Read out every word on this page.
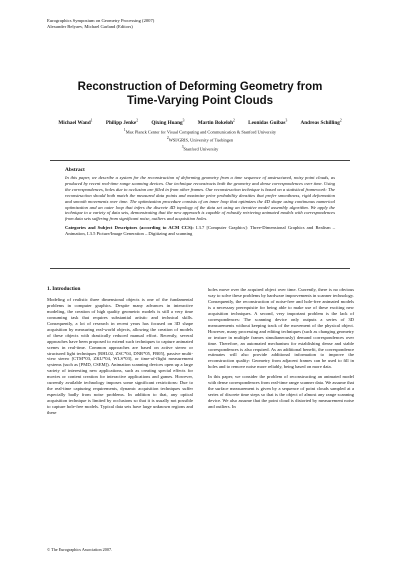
Eurographics Symposium on Geometry Processing (2007)
Alexander Belyaev, Michael Garland (Editors)
Reconstruction of Deforming Geometry from
Time-Varying Point Clouds
Michael Wand$^1$	Philipp Jenke$^2$	Qixing Huang$^3$	Martin Bokeloh$^2$	Leonidas Guibas$^3$	Andreas Schilling$^2$
$^1$Max Planck Center for Visual Computing and Communication & Stanford University
$^2$WSI/GRIS, University of Tuebingen
$^3$Stanford University
Abstract
In this paper, we describe a system for the reconstruction of deforming geometry from a time sequence of unstructured, noisy point clouds, as produced by recent real-time range scanning devices. Our technique reconstructs both the geometry and dense correspondences over time. Using the correspondences, holes due to occlusion are filled in from other frames. Our reconstruction technique is based on a statistical framework: The reconstruction should both match the measured data points and maximize prior probability densities that prefer smoothness, rigid deformation and smooth movements over time. The optimization procedure consists of an inner loop that optimizes the 4D shape using continuous numerical optimization and an outer loop that infers the discrete 4D topology of the data set using an iterative model assembly algorithm. We apply the technique to a variety of data sets, demonstrating that the new approach is capable of robustly retrieving animated models with correspondences from data sets suffering from significant noise, outliers and acquisition holes.
Categories and Subject Descriptors (according to ACM CCS): I.3.7 [Computer Graphics]: Three-Dimensional Graphics and Realism – Animation, I.3.5 Picture/Image Generation – Digitizing and scanning
1. Introduction

Modeling of realistic three dimensional objects is one of the fundamental problems in computer graphics. Despite many advances in interactive modeling, the creation of high quality geometric models is still a very time consuming task that requires substantial artistic and technical skills. Consequently, a lot of research in recent years has focused on 3D shape acquisition by measuring real-world objects, allowing the creation of models of these objects with drastically reduced manual effort. Recently, several approaches have been proposed to extend such techniques to capture animated scenes in real-time. Common approaches are based on active stereo or structured light techniques [RHL02, ZSC*04, DNR*05, FB05], passive multi-view stereo [CTM*03, ZKU*04, WLS*03], or time-of-flight measurement systems (such as [PMD, CSEM]). Animation scanning devices open up a large variety of interesting new applications, such as creating special effects for movies or content creation for interactive applications and games. However, currently available technology imposes some significant restrictions: Due to the real-time capturing requirements, dynamic acquisition techniques suffer especially badly from noise problems. In addition to that, any optical acquisition technique is limited by occlusions so that it is usually not possible to capture hole-free models. Typical data sets have large unknown regions and these

holes move over the acquired object over time. Currently, there is no obvious way to solve these problems by hardware improvements in scanner technology. Consequently, the reconstruction of noise-free and hole-free animated models is a necessary prerequisite for being able to make use of these exciting new acquisition techniques. A second, very important problem is the lack of correspondences: The scanning device only outputs a series of 3D measurements without keeping track of the movement of the physical object. However, many processing and editing techniques (such as changing geometry or texture in multiple frames simultaneously) demand correspondences over time. Therefore, an automated mechanism for establishing dense and stable correspondences is also required. As an additional benefit, the correspondence estimates will also provide additional information to improve the reconstruction quality: Geometry from adjacent frames can be used to fill in holes and to remove noise more reliably, being based on more data.

In this paper, we consider the problem of reconstructing an animated model with dense correspondences from real-time range scanner data. We assume that the surface measurement is given by a sequence of point clouds sampled at a series of discrete time steps so that is the object of almost any range scanning device. We also assume that the point cloud is distorted by measurement noise and outliers. In

© The Eurographics Association 2007.
